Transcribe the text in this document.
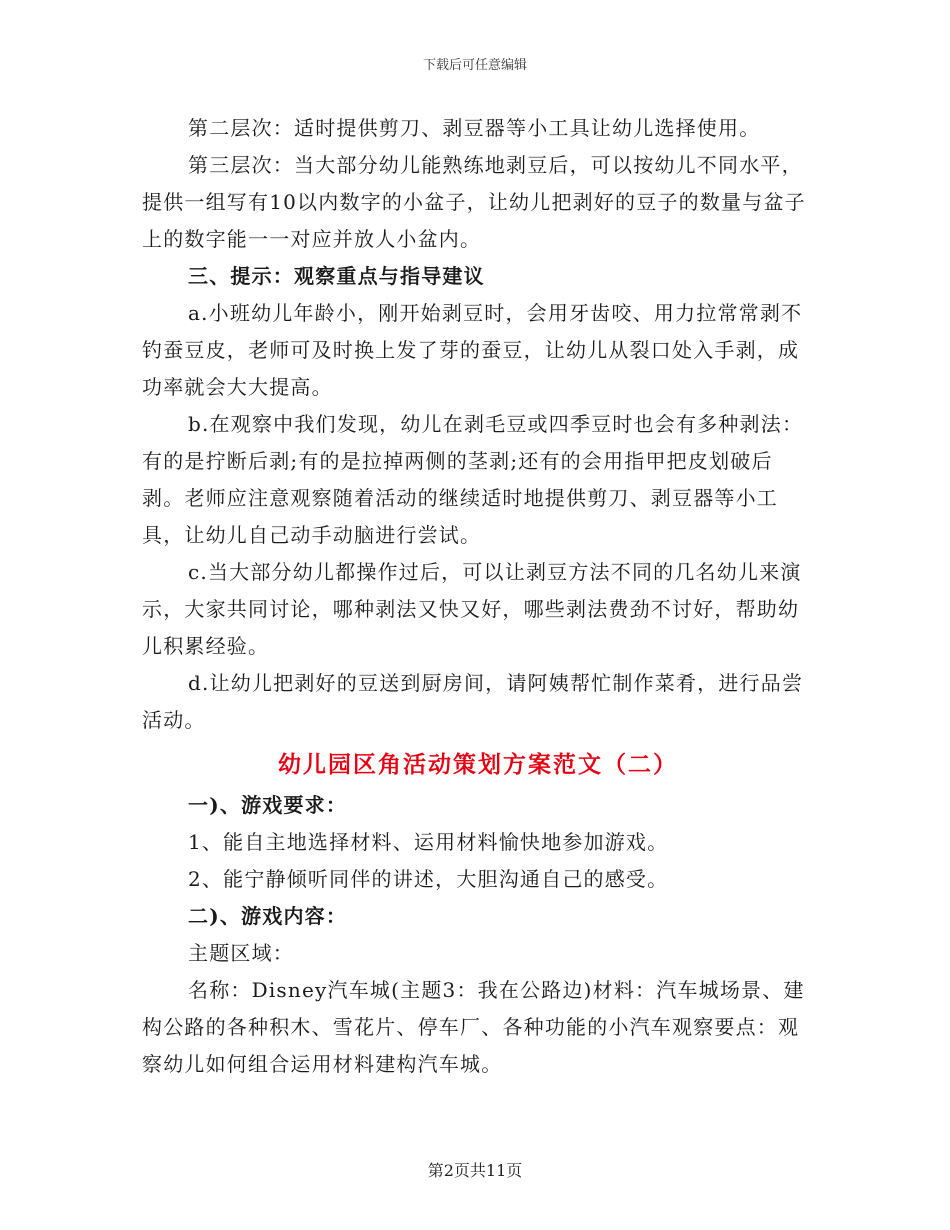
下载后可任意编辑

第二层次：适时提供剪刀、剥豆器等小工具让幼儿选择使用。

第三层次：当大部分幼儿能熟练地剥豆后，可以按幼儿不同水平，提供一组写有10以内数字的小盆子，让幼儿把剥好的豆子的数量与盆子上的数字能一一对应并放人小盆内。

三、提示：观察重点与指导建议

a.小班幼儿年龄小，刚开始剥豆时，会用牙齿咬、用力拉常常剥不钓蚕豆皮，老师可及时换上发了芽的蚕豆，让幼儿从裂口处入手剥，成功率就会大大提高。

b.在观察中我们发现，幼儿在剥毛豆或四季豆时也会有多种剥法：有的是拧断后剥;有的是拉掉两侧的茎剥;还有的会用指甲把皮划破后剥。老师应注意观察随着活动的继续适时地提供剪刀、剥豆器等小工具，让幼儿自己动手动脑进行尝试。

c.当大部分幼儿都操作过后，可以让剥豆方法不同的几名幼儿来演示，大家共同讨论，哪种剥法又快又好，哪些剥法费劲不讨好，帮助幼儿积累经验。

d.让幼儿把剥好的豆送到厨房间，请阿姨帮忙制作菜肴，进行品尝活动。

幼儿园区角活动策划方案范文（二）

一)、游戏要求：

1、能自主地选择材料、运用材料愉快地参加游戏。

2、能宁静倾听同伴的讲述，大胆沟通自己的感受。

二)、游戏内容：

主题区域：

名称：Disney汽车城(主题3：我在公路边)材料：汽车城场景、建构公路的各种积木、雪花片、停车厂、各种功能的小汽车观察要点：观察幼儿如何组合运用材料建构汽车城。

第2页共11页
